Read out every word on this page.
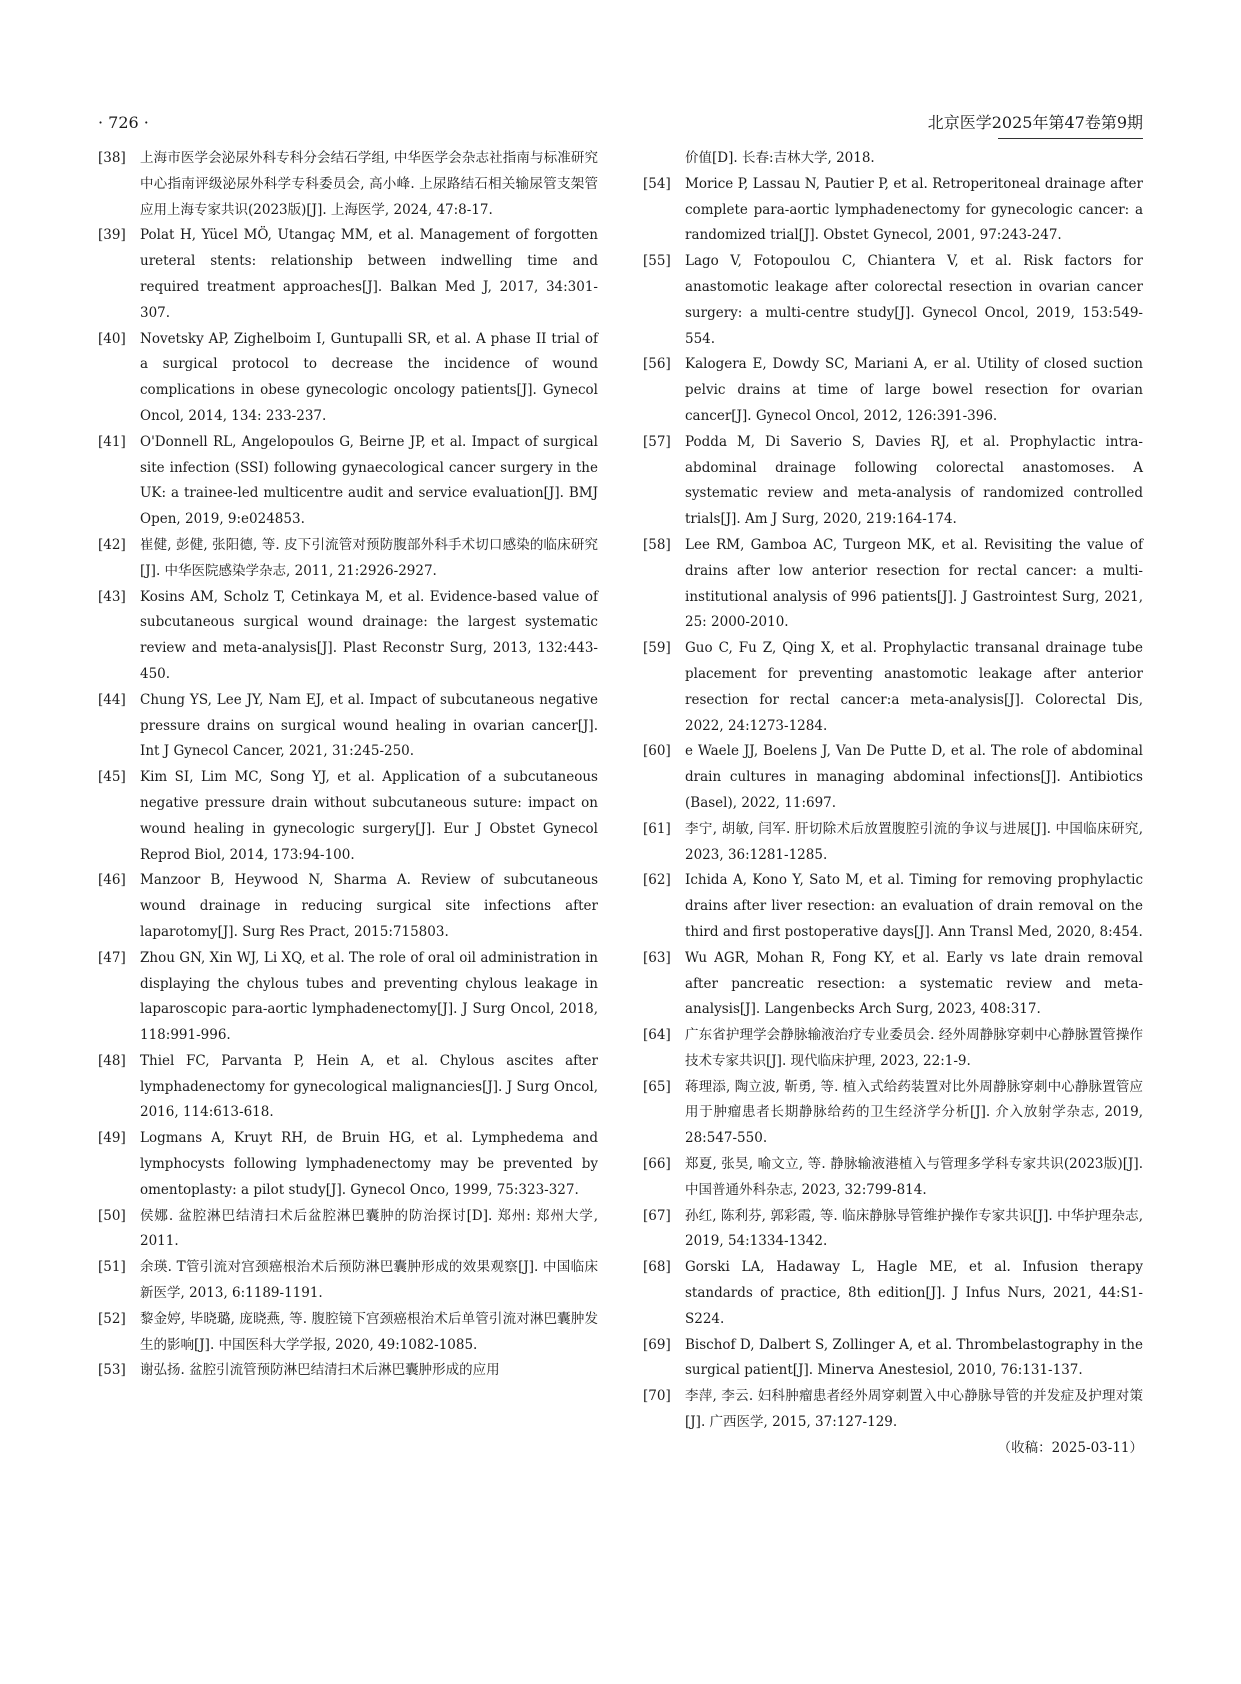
· 726 ·	北京医学2025年第47卷第9期
[38] 上海市医学会泌尿外科专科分会结石学组, 中华医学会杂志社指南与标准研究中心指南评级泌尿外科学专科委员会, 高小峰. 上尿路结石相关输尿管支架管应用上海专家共识(2023版)[J]. 上海医学, 2024, 47:8-17.
[39] Polat H, Yücel MÖ, Utangaç MM, et al. Management of forgotten ureteral stents: relationship between indwelling time and required treatment approaches[J]. Balkan Med J, 2017, 34:301-307.
[40] Novetsky AP, Zighelboim I, Guntupalli SR, et al. A phase II trial of a surgical protocol to decrease the incidence of wound complications in obese gynecologic oncology patients[J]. Gynecol Oncol, 2014, 134: 233-237.
[41] O'Donnell RL, Angelopoulos G, Beirne JP, et al. Impact of surgical site infection (SSI) following gynaecological cancer surgery in the UK: a trainee-led multicentre audit and service evaluation[J]. BMJ Open, 2019, 9:e024853.
[42] 崔健, 彭健, 张阳德, 等. 皮下引流管对预防腹部外科手术切口感染的临床研究[J]. 中华医院感染学杂志, 2011, 21:2926-2927.
[43] Kosins AM, Scholz T, Cetinkaya M, et al. Evidence-based value of subcutaneous surgical wound drainage: the largest systematic review and meta-analysis[J]. Plast Reconstr Surg, 2013, 132:443-450.
[44] Chung YS, Lee JY, Nam EJ, et al. Impact of subcutaneous negative pressure drains on surgical wound healing in ovarian cancer[J]. Int J Gynecol Cancer, 2021, 31:245-250.
[45] Kim SI, Lim MC, Song YJ, et al. Application of a subcutaneous negative pressure drain without subcutaneous suture: impact on wound healing in gynecologic surgery[J]. Eur J Obstet Gynecol Reprod Biol, 2014, 173:94-100.
[46] Manzoor B, Heywood N, Sharma A. Review of subcutaneous wound drainage in reducing surgical site infections after laparotomy[J]. Surg Res Pract, 2015:715803.
[47] Zhou GN, Xin WJ, Li XQ, et al. The role of oral oil administration in displaying the chylous tubes and preventing chylous leakage in laparoscopic para-aortic lymphadenectomy[J]. J Surg Oncol, 2018, 118:991-996.
[48] Thiel FC, Parvanta P, Hein A, et al. Chylous ascites after lymphadenectomy for gynecological malignancies[J]. J Surg Oncol, 2016, 114:613-618.
[49] Logmans A, Kruyt RH, de Bruin HG, et al. Lymphedema and lymphocysts following lymphadenectomy may be prevented by omentoplasty: a pilot study[J]. Gynecol Onco, 1999, 75:323-327.
[50] 侯娜. 盆腔淋巴结清扫术后盆腔淋巴囊肿的防治探讨[D]. 郑州: 郑州大学, 2011.
[51] 余瑛. T管引流对宫颈癌根治术后预防淋巴囊肿形成的效果观察[J]. 中国临床新医学, 2013, 6:1189-1191.
[52] 黎金婷, 毕晓璐, 庞晓燕, 等. 腹腔镜下宫颈癌根治术后单管引流对淋巴囊肿发生的影响[J]. 中国医科大学学报, 2020, 49:1082-1085.
[53] 谢弘扬. 盆腔引流管预防淋巴结清扫术后淋巴囊肿形成的应用
价值[D]. 长春:吉林大学, 2018.
[54] Morice P, Lassau N, Pautier P, et al. Retroperitoneal drainage after complete para-aortic lymphadenectomy for gynecologic cancer: a randomized trial[J]. Obstet Gynecol, 2001, 97:243-247.
[55] Lago V, Fotopoulou C, Chiantera V, et al. Risk factors for anastomotic leakage after colorectal resection in ovarian cancer surgery: a multi-centre study[J]. Gynecol Oncol, 2019, 153:549-554.
[56] Kalogera E, Dowdy SC, Mariani A, er al. Utility of closed suction pelvic drains at time of large bowel resection for ovarian cancer[J]. Gynecol Oncol, 2012, 126:391-396.
[57] Podda M, Di Saverio S, Davies RJ, et al. Prophylactic intra-abdominal drainage following colorectal anastomoses. A systematic review and meta-analysis of randomized controlled trials[J]. Am J Surg, 2020, 219:164-174.
[58] Lee RM, Gamboa AC, Turgeon MK, et al. Revisiting the value of drains after low anterior resection for rectal cancer: a multi-institutional analysis of 996 patients[J]. J Gastrointest Surg, 2021, 25: 2000-2010.
[59] Guo C, Fu Z, Qing X, et al. Prophylactic transanal drainage tube placement for preventing anastomotic leakage after anterior resection for rectal cancer:a meta-analysis[J]. Colorectal Dis, 2022, 24:1273-1284.
[60] e Waele JJ, Boelens J, Van De Putte D, et al. The role of abdominal drain cultures in managing abdominal infections[J]. Antibiotics (Basel), 2022, 11:697.
[61] 李宁, 胡敏, 闫军. 肝切除术后放置腹腔引流的争议与进展[J]. 中国临床研究, 2023, 36:1281-1285.
[62] Ichida A, Kono Y, Sato M, et al. Timing for removing prophylactic drains after liver resection: an evaluation of drain removal on the third and first postoperative days[J]. Ann Transl Med, 2020, 8:454.
[63] Wu AGR, Mohan R, Fong KY, et al. Early vs late drain removal after pancreatic resection: a systematic review and meta-analysis[J]. Langenbecks Arch Surg, 2023, 408:317.
[64] 广东省护理学会静脉输液治疗专业委员会. 经外周静脉穿刺中心静脉置管操作技术专家共识[J]. 现代临床护理, 2023, 22:1-9.
[65] 蒋理添, 陶立波, 靳勇, 等. 植入式给药装置对比外周静脉穿刺中心静脉置管应用于肿瘤患者长期静脉给药的卫生经济学分析[J]. 介入放射学杂志, 2019, 28:547-550.
[66] 郑夏, 张昊, 喻文立, 等. 静脉输液港植入与管理多学科专家共识(2023版)[J]. 中国普通外科杂志, 2023, 32:799-814.
[67] 孙红, 陈利芬, 郭彩霞, 等. 临床静脉导管维护操作专家共识[J]. 中华护理杂志, 2019, 54:1334-1342.
[68] Gorski LA, Hadaway L, Hagle ME, et al. Infusion therapy standards of practice, 8th edition[J]. J Infus Nurs, 2021, 44:S1-S224.
[69] Bischof D, Dalbert S, Zollinger A, et al. Thrombelastography in the surgical patient[J]. Minerva Anestesiol, 2010, 76:131-137.
[70] 李萍, 李云. 妇科肿瘤患者经外周穿刺置入中心静脉导管的并发症及护理对策[J]. 广西医学, 2015, 37:127-129.
（收稿：2025-03-11）
